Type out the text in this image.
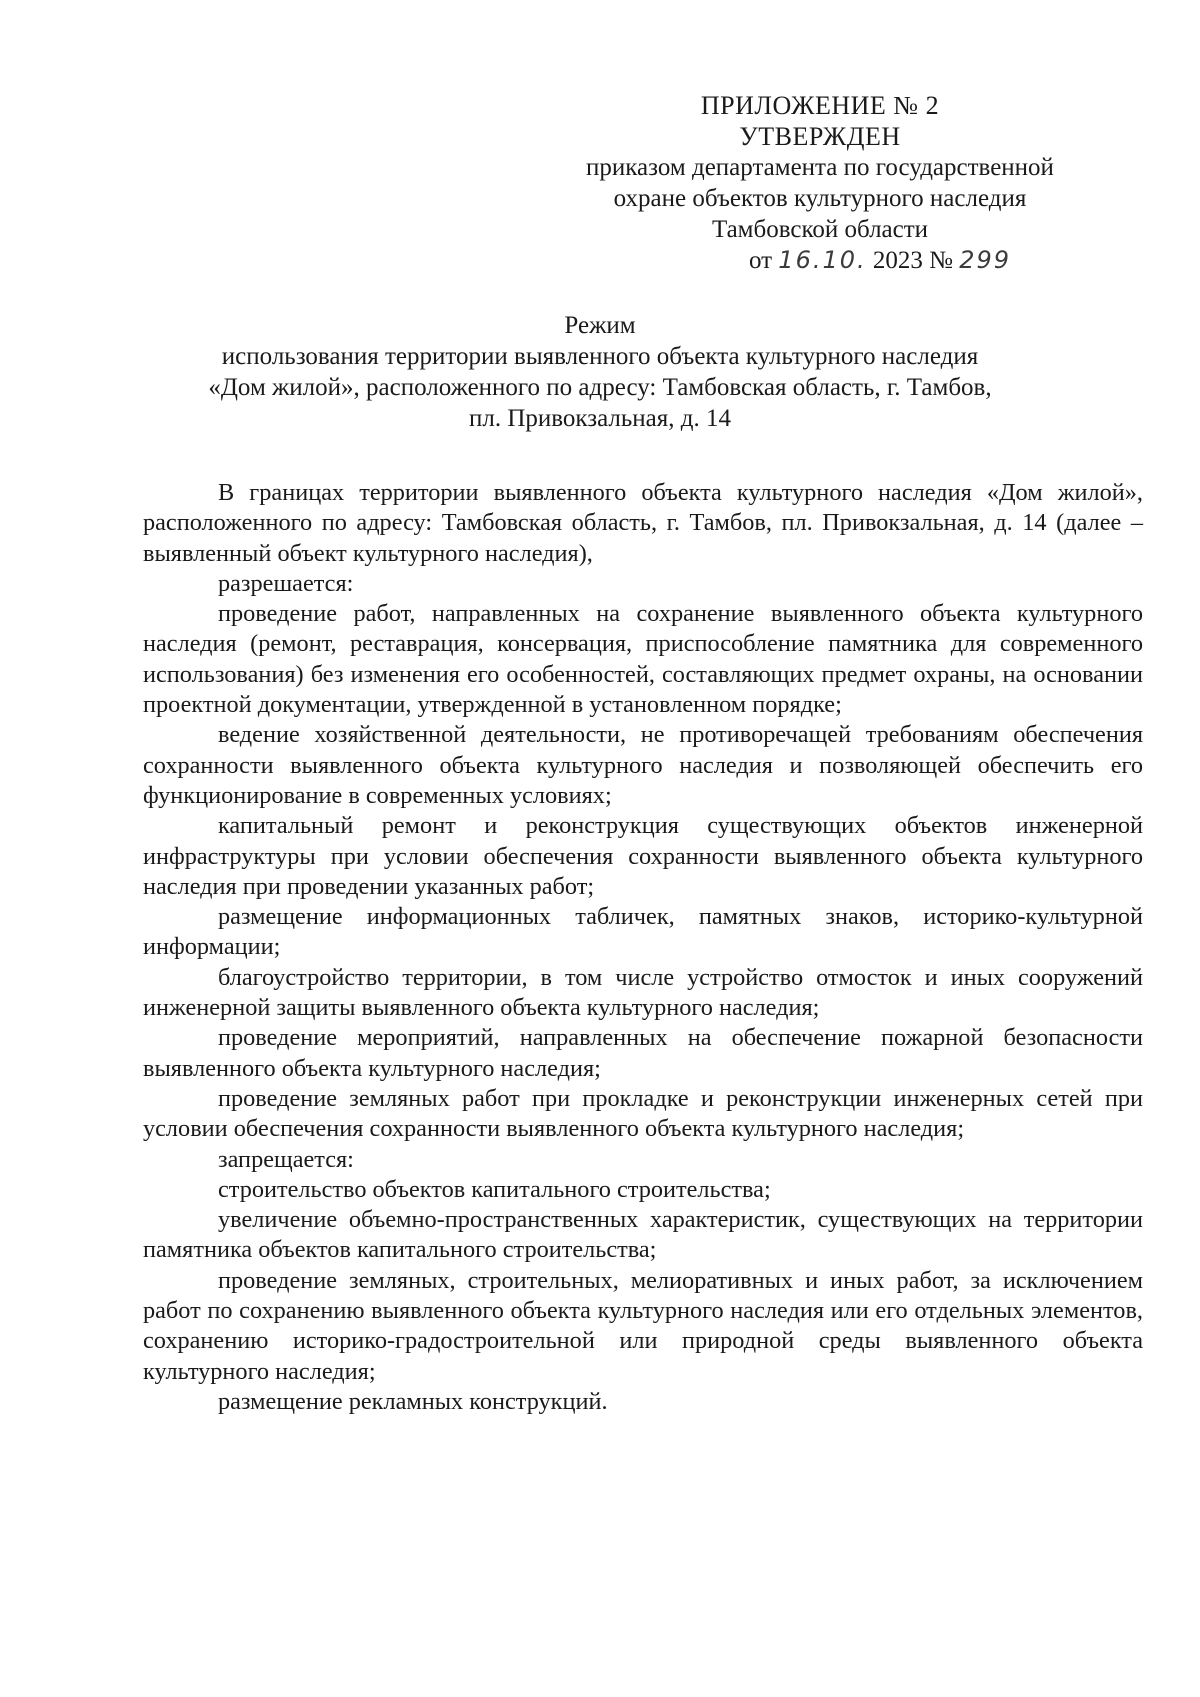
ПРИЛОЖЕНИЕ № 2
УТВЕРЖДЕН
приказом департамента по государственной
охране объектов культурного наследия
Тамбовской области
от 16.10. 2023 № 299
Режим
использования территории выявленного объекта культурного наследия
«Дом жилой», расположенного по адресу: Тамбовская область, г. Тамбов,
пл. Привокзальная, д. 14

В границах территории выявленного объекта культурного наследия «Дом жилой», расположенного по адресу: Тамбовская область, г. Тамбов, пл. Привокзальная, д. 14 (далее – выявленный объект культурного наследия),

разрешается:

проведение работ, направленных на сохранение выявленного объекта культурного наследия (ремонт, реставрация, консервация, приспособление памятника для современного использования) без изменения его особенностей, составляющих предмет охраны, на основании проектной документации, утвержденной в установленном порядке;

ведение хозяйственной деятельности, не противоречащей требованиям обеспечения сохранности выявленного объекта культурного наследия и позволяющей обеспечить его функционирование в современных условиях;

капитальный ремонт и реконструкция существующих объектов инженерной инфраструктуры при условии обеспечения сохранности выявленного объекта культурного наследия при проведении указанных работ;

размещение информационных табличек, памятных знаков, историко-культурной информации;

благоустройство территории, в том числе устройство отмосток и иных сооружений инженерной защиты выявленного объекта культурного наследия;

проведение мероприятий, направленных на обеспечение пожарной безопасности выявленного объекта культурного наследия;

проведение земляных работ при прокладке и реконструкции инженерных сетей при условии обеспечения сохранности выявленного объекта культурного наследия;

запрещается:

строительство объектов капитального строительства;

увеличение объемно-пространственных характеристик, существующих на территории памятника объектов капитального строительства;

проведение земляных, строительных, мелиоративных и иных работ, за исключением работ по сохранению выявленного объекта культурного наследия или его отдельных элементов, сохранению историко-градостроительной или природной среды выявленного объекта культурного наследия;

размещение рекламных конструкций.
